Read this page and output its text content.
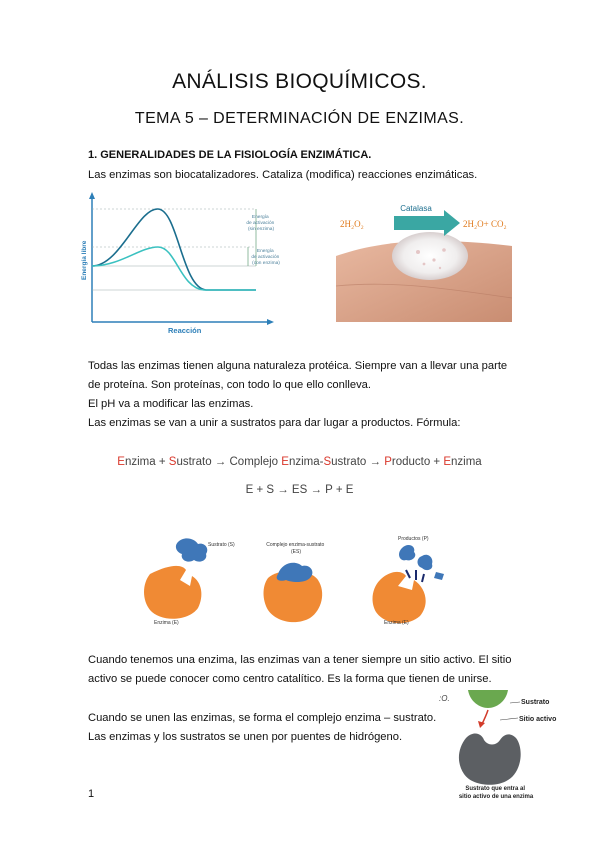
ANÁLISIS BIOQUÍMICOS.
TEMA 5 – DETERMINACIÓN DE ENZIMAS.
1. GENERALIDADES DE LA FISIOLOGÍA ENZIMÁTICA.
Las enzimas son biocatalizadores. Cataliza (modifica) reacciones enzimáticas.
Energía libre
Reacción
Energía de activación (sin enzima)
Energía de activación (con enzima)
Catalasa
2H₂O₂	2H₂O+ CO₂
Todas las enzimas tienen alguna naturaleza protéica. Siempre van a llevar una parte
de proteína. Son proteínas, con todo lo que ello conlleva.
El pH va a modificar las enzimas.
Las enzimas se van a unir a sustratos para dar lugar a productos. Fórmula:
Enzima + Sustrato → Complejo Enzima-Sustrato → Producto + Enzima
E + S → ES → P + E
Sustrato (S)
Enzima (E)
Complejo enzima-sustrato (ES)
Productos (P)
Enzima (E)
Cuando tenemos una enzima, las enzimas van a tener siempre un sitio activo. El sitio
activo se puede conocer como centro catalítico. Es la forma que tienen de unirse.
Cuando se unen las enzimas, se forma el complejo enzima – sustrato.
Las enzimas y los sustratos se unen por puentes de hidrógeno.
:O.	Sustrato
Sitio activo
Sustrato que entra al sitio activo de una enzima
1
